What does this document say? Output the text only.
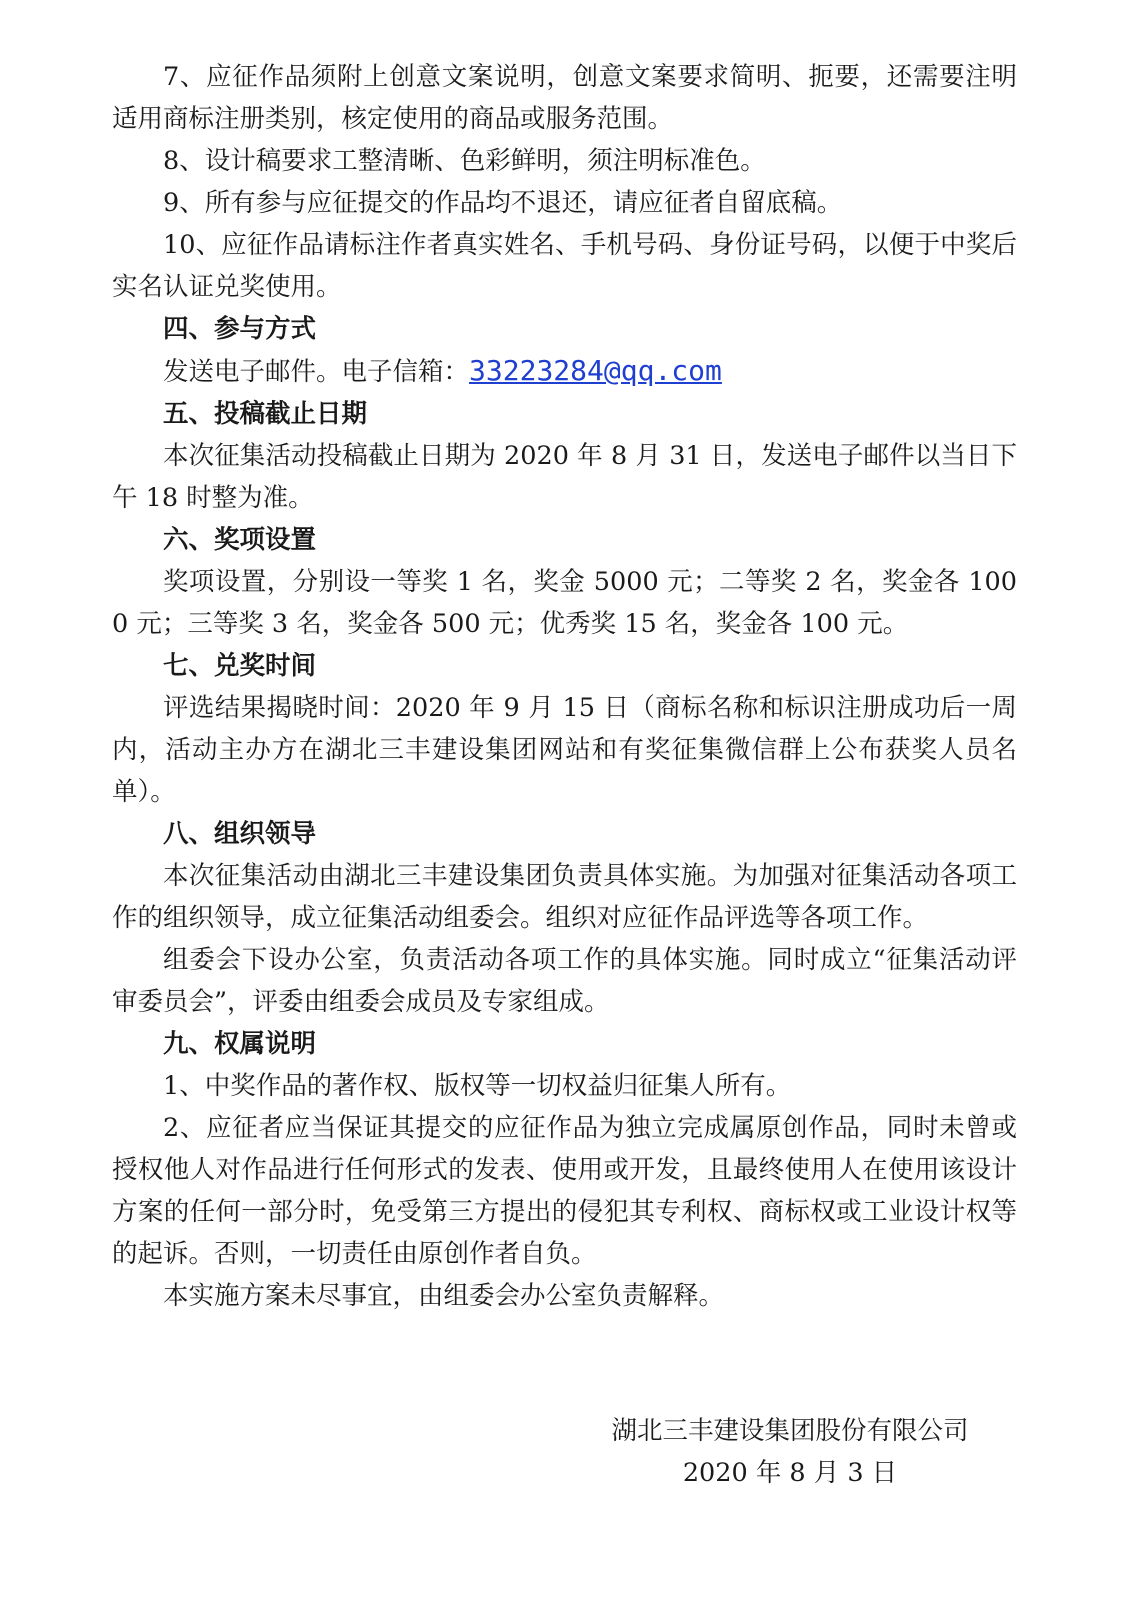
7、应征作品须附上创意文案说明，创意文案要求简明、扼要，还需要注明适用商标注册类别，核定使用的商品或服务范围。

8、设计稿要求工整清晰、色彩鲜明，须注明标准色。

9、所有参与应征提交的作品均不退还，请应征者自留底稿。

10、应征作品请标注作者真实姓名、手机号码、身份证号码，以便于中奖后实名认证兑奖使用。

四、参与方式

发送电子邮件。电子信箱：33223284@qq.com

五、投稿截止日期

本次征集活动投稿截止日期为 2020 年 8 月 31 日，发送电子邮件以当日下午 18 时整为准。

六、奖项设置

奖项设置，分别设一等奖 1 名，奖金 5000 元；二等奖 2 名，奖金各 1000 元；三等奖 3 名，奖金各 500 元；优秀奖 15 名，奖金各 100 元。

七、兑奖时间

评选结果揭晓时间：2020 年 9 月 15 日（商标名称和标识注册成功后一周内，活动主办方在湖北三丰建设集团网站和有奖征集微信群上公布获奖人员名单）。

八、组织领导

本次征集活动由湖北三丰建设集团负责具体实施。为加强对征集活动各项工作的组织领导，成立征集活动组委会。组织对应征作品评选等各项工作。

组委会下设办公室，负责活动各项工作的具体实施。同时成立“征集活动评审委员会”，评委由组委会成员及专家组成。

九、权属说明

1、中奖作品的著作权、版权等一切权益归征集人所有。

2、应征者应当保证其提交的应征作品为独立完成属原创作品，同时未曾或授权他人对作品进行任何形式的发表、使用或开发，且最终使用人在使用该设计方案的任何一部分时，免受第三方提出的侵犯其专利权、商标权或工业设计权等的起诉。否则，一切责任由原创作者自负。

本实施方案未尽事宜，由组委会办公室负责解释。

湖北三丰建设集团股份有限公司
2020 年 8 月 3 日
